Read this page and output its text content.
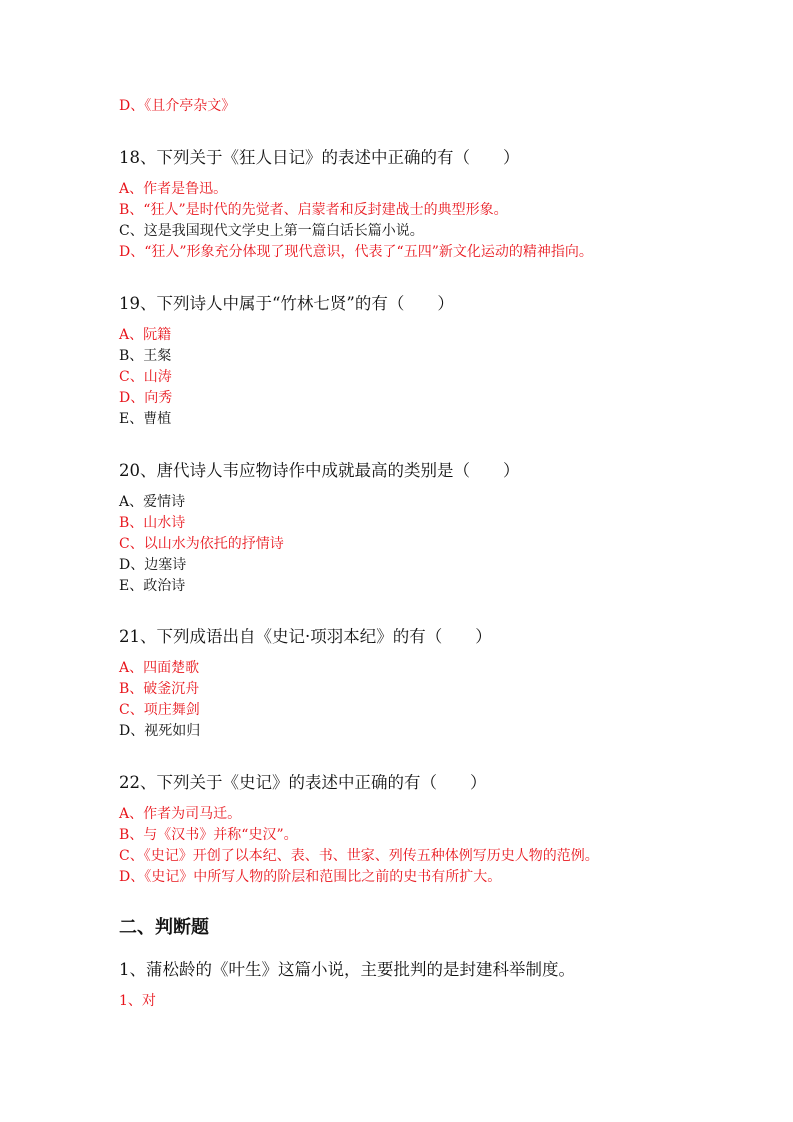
D、《且介亭杂文》
18、下列关于《狂人日记》的表述中正确的有（　　）
A、作者是鲁迅。
B、“狂人”是时代的先觉者、启蒙者和反封建战士的典型形象。
C、这是我国现代文学史上第一篇白话长篇小说。
D、“狂人”形象充分体现了现代意识，代表了“五四”新文化运动的精神指向。
19、下列诗人中属于“竹林七贤”的有（　　）
A、阮籍
B、王粲
C、山涛
D、向秀
E、曹植
20、唐代诗人韦应物诗作中成就最高的类别是（　　）
A、爱情诗
B、山水诗
C、以山水为依托的抒情诗
D、边塞诗
E、政治诗
21、下列成语出自《史记·项羽本纪》的有（　　）
A、四面楚歌
B、破釜沉舟
C、项庄舞剑
D、视死如归
22、下列关于《史记》的表述中正确的有（　　）
A、作者为司马迁。
B、与《汉书》并称“史汉”。
C、《史记》开创了以本纪、表、书、世家、列传五种体例写历史人物的范例。
D、《史记》中所写人物的阶层和范围比之前的史书有所扩大。
二、判断题
1、蒲松龄的《叶生》这篇小说，主要批判的是封建科举制度。
1、对
